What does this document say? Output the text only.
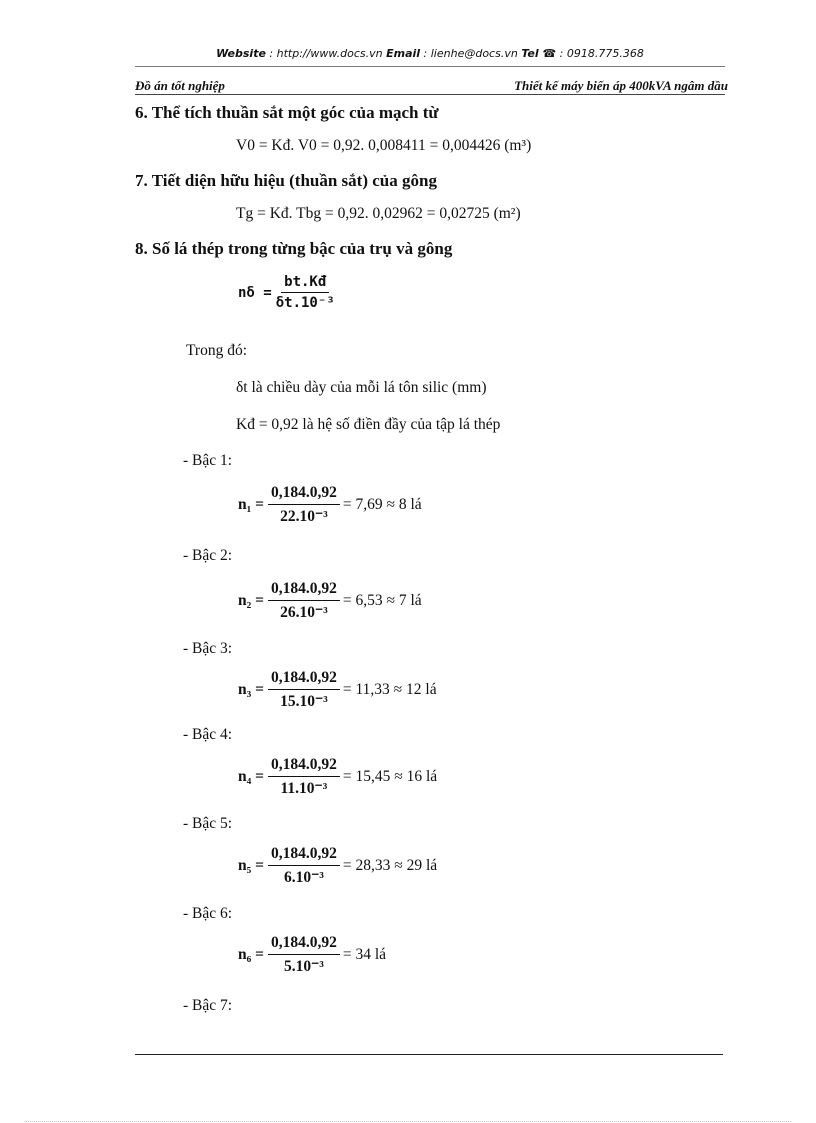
Website : http://www.docs.vn Email : lienhe@docs.vn Tel ☎ : 0918.775.368
Đồ án tốt nghiệp	Thiết kế máy biến áp 400kVA ngâm dầu
6. Thể tích thuần sắt một góc của mạch từ
V0 = Kđ. V0 = 0,92. 0,008411 = 0,004426 (m³)
7. Tiết diện hữu hiệu (thuần sắt) của gông
Tg = Kđ. Tbg = 0,92. 0,02962 = 0,02725 (m²)
8. Số lá thép trong từng bậc của trụ và gông
$n\delta = \frac{bt.Kđ}{\text{δt.10⁻³}}$
Trong đó:
δt là chiều dày của mỗi lá tôn silic (mm)
Kđ = 0,92 là hệ số điền đầy của tập lá thép
- Bậc 1:
$n_1 = \frac{0,184.0,92}{\text{22.10⁻³}} = 7,69 \approx 8$ lá
- Bậc 2:
$n_2 = \frac{0,184.0,92}{\text{26.10⁻³}} = 6,53 \approx 7$ lá
- Bậc 3:
$n_3 = \frac{0,184.0,92}{\text{15.10⁻³}} = 11,33 \approx 12$ lá
- Bậc 4:
$n_4 = \frac{0,184.0,92}{\text{11.10⁻³}} = 15,45 \approx 16$ lá
- Bậc 5:
$n_5 = \frac{0,184.0,92}{\text{6.10⁻³}} = 28,33 \approx 29$ lá
- Bậc 6:
$n_6 = \frac{0,184.0,92}{\text{5.10⁻³}} = 34$ lá
- Bậc 7:
